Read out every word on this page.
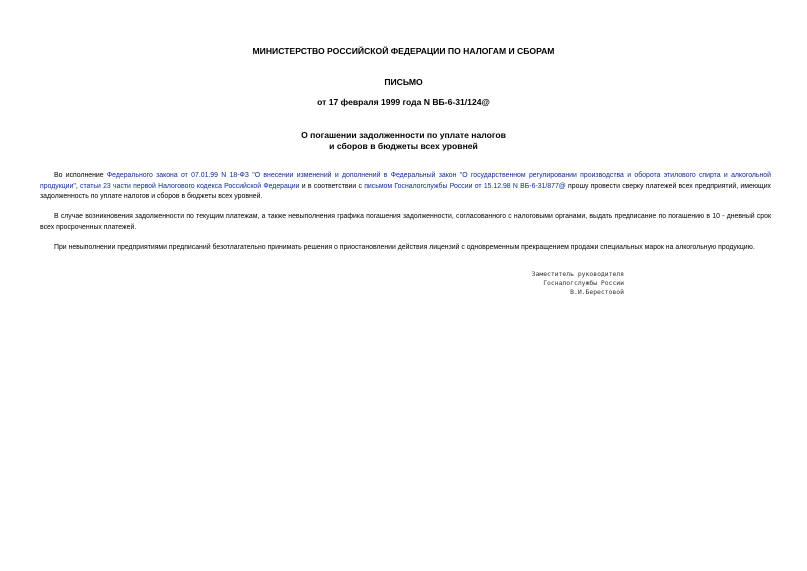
МИНИСТЕРСТВО РОССИЙСКОЙ ФЕДЕРАЦИИ ПО НАЛОГАМ И СБОРАМ

ПИСЬМО

от 17 февраля 1999 года N ВБ-6-31/124@

О погашении задолженности по уплате налогов
и сборов в бюджеты всех уровней

Во исполнение Федерального закона от 07.01.99 N 18-ФЗ "О внесении изменений и дополнений в Федеральный закон "О государственном регулировании производства и оборота этилового спирта и алкогольной продукции", статьи 23 части первой Налогового кодекса Российской Федерации и в соответствии с письмом Госналогслужбы России от 15.12.98 N ВБ-6-31/877@ прошу провести сверку платежей всех предприятий, имеющих задолженность по уплате налогов и сборов в бюджеты всех уровней.

В случае возникновения задолженности по текущим платежам, а также невыполнения графика погашения задолженности, согласованного с налоговыми органами, выдать предписание по погашению в 10 - дневный срок всех просроченных платежей.

При невыполнении предприятиями предписаний безотлагательно принимать решения о приостановлении действия лицензий с одновременным прекращением продажи специальных марок на алкогольную продукцию.

Заместитель руководителя
Госналогслужбы России
В.И.Берестовой
